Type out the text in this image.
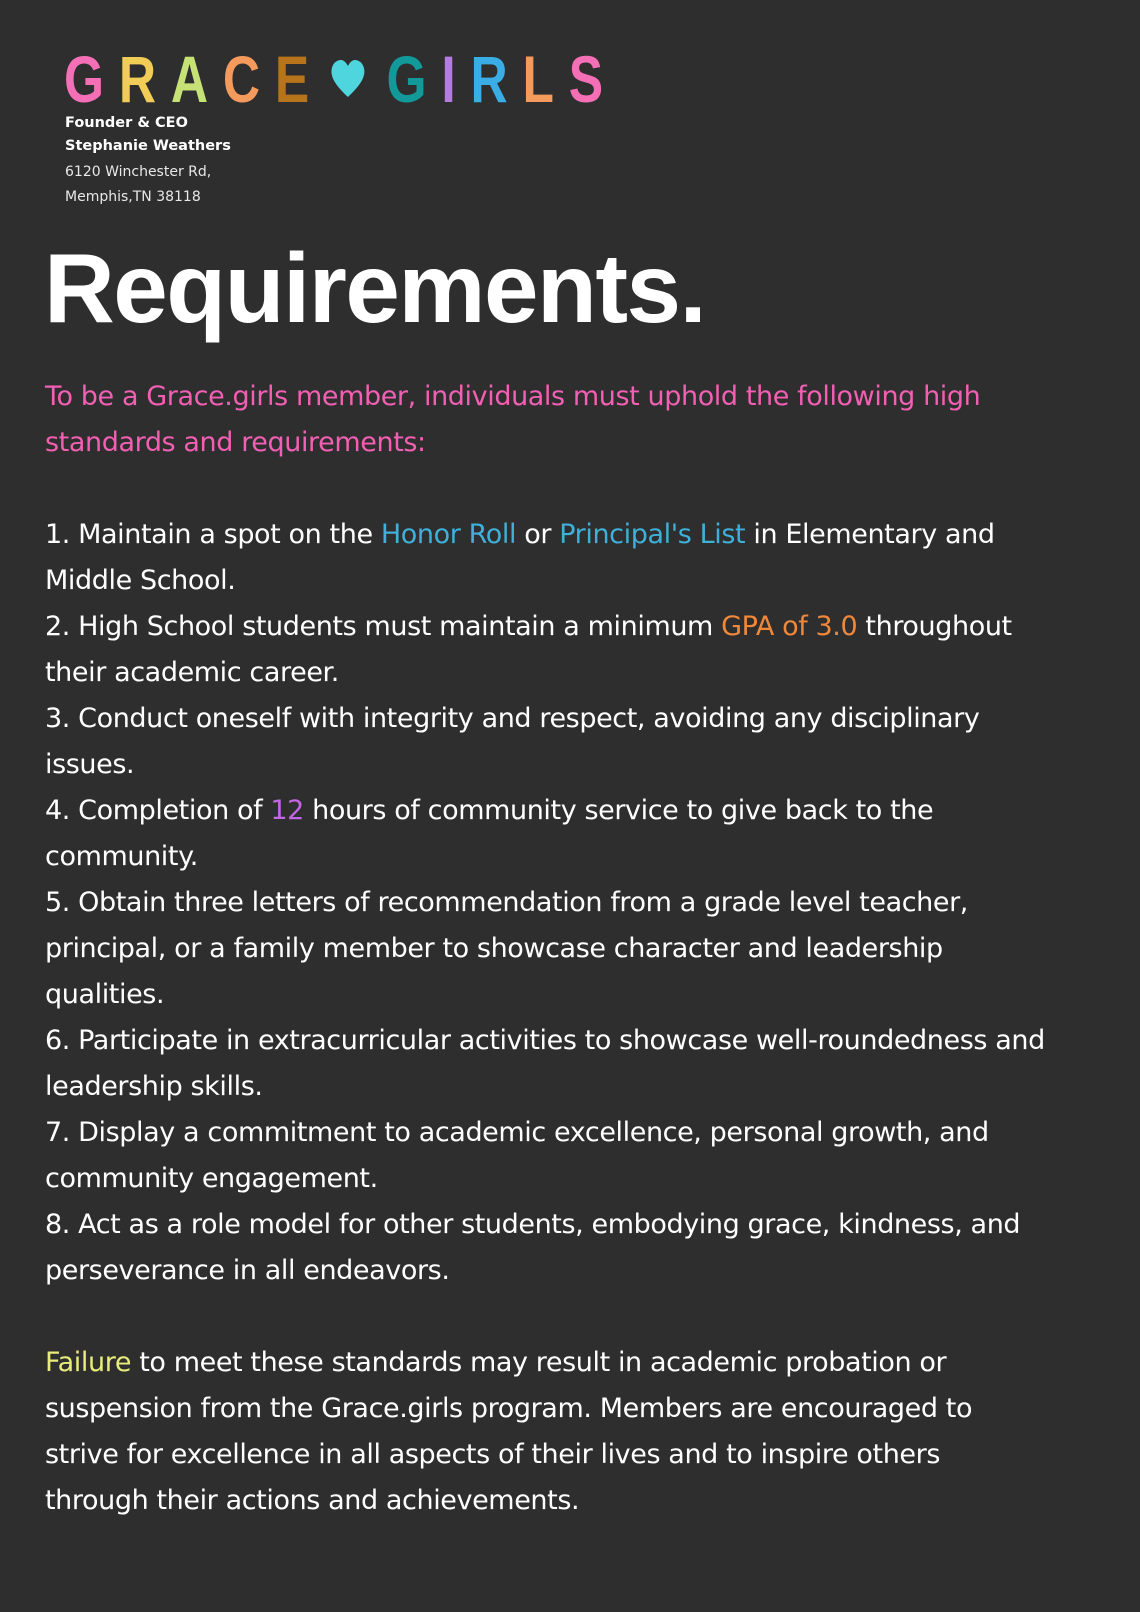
G R A C E G I R L S
Founder & CEO
Stephanie Weathers
6120 Winchester Rd,
Memphis,TN 38118
Requirements.

To be a Grace.girls member, individuals must uphold the following high standards and requirements:

1. Maintain a spot on the Honor Roll or Principal's List in Elementary and Middle School.

2. High School students must maintain a minimum GPA of 3.0 throughout their academic career.

3. Conduct oneself with integrity and respect, avoiding any disciplinary issues.

4. Completion of 12 hours of community service to give back to the community.

5. Obtain three letters of recommendation from a grade level teacher, principal, or a family member to showcase character and leadership qualities.

6. Participate in extracurricular activities to showcase well-roundedness and leadership skills.

7. Display a commitment to academic excellence, personal growth, and community engagement.

8. Act as a role model for other students, embodying grace, kindness, and perseverance in all endeavors.

Failure to meet these standards may result in academic probation or suspension from the Grace.girls program. Members are encouraged to strive for excellence in all aspects of their lives and to inspire others through their actions and achievements.
